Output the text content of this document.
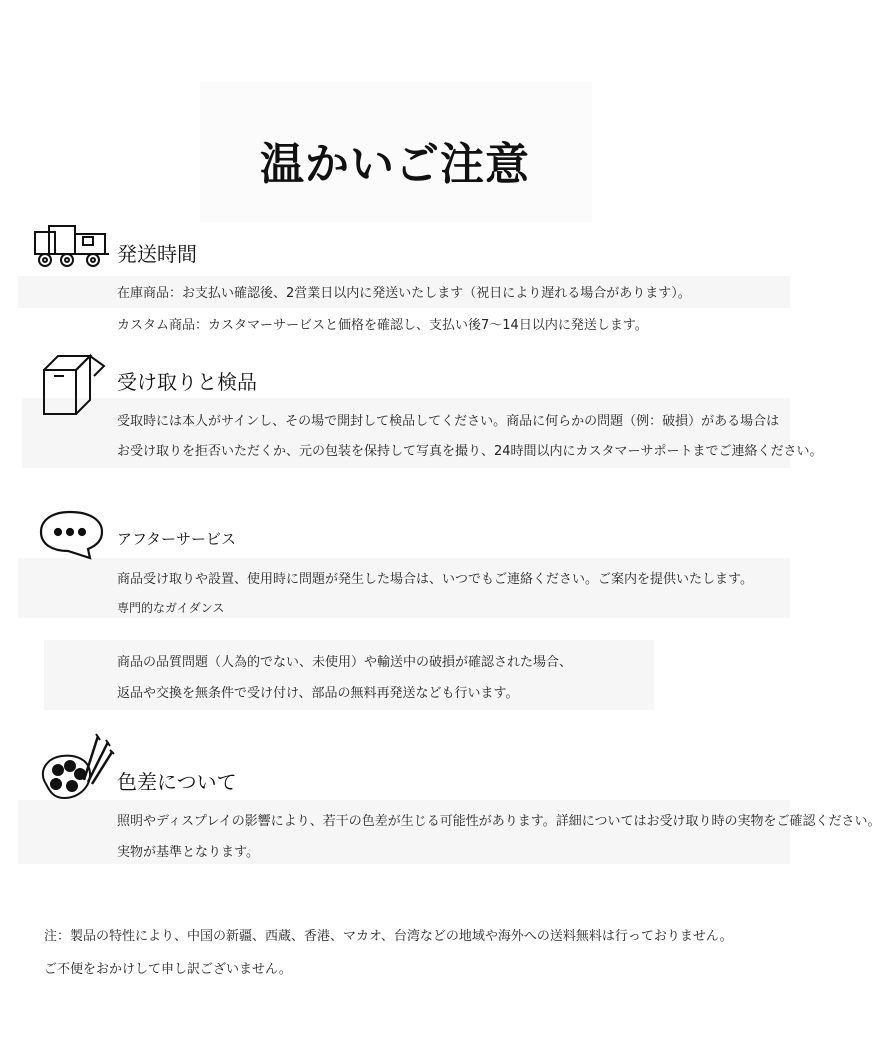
温かいご注意
発送時間
在庫商品：お支払い確認後、2営業日以内に発送いたします（祝日により遅れる場合があります）。
カスタム商品：カスタマーサービスと価格を確認し、支払い後7〜14日以内に発送します。
受け取りと検品
受取時には本人がサインし、その場で開封して検品してください。商品に何らかの問題（例：破損）がある場合は
お受け取りを拒否いただくか、元の包装を保持して写真を撮り、24時間以内にカスタマーサポートまでご連絡ください。
アフターサービス
商品受け取りや設置、使用時に問題が発生した場合は、いつでもご連絡ください。ご案内を提供いたします。
専門的なガイダンス
商品の品質問題（人為的でない、未使用）や輸送中の破損が確認された場合、
返品や交換を無条件で受け付け、部品の無料再発送なども行います。
色差について
照明やディスプレイの影響により、若干の色差が生じる可能性があります。詳細についてはお受け取り時の実物をご確認ください。
実物が基準となります。
注：製品の特性により、中国の新疆、西蔵、香港、マカオ、台湾などの地域や海外への送料無料は行っておりません。
ご不便をおかけして申し訳ございません。
